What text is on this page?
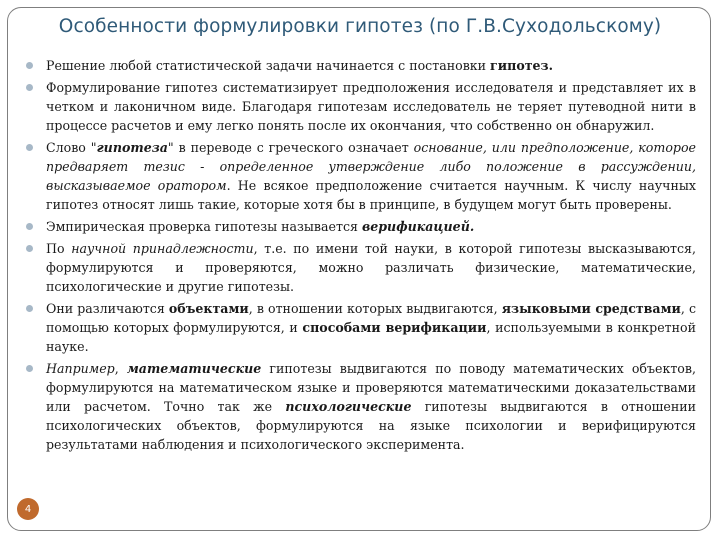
Особенности формулировки гипотез (по Г.В.Суходольскому)
Решение любой статистической задачи начинается с постановки гипотез.
Формулирование гипотез систематизирует предположения исследователя и представляет их в четком и лаконичном виде. Благодаря гипотезам исследователь не теряет путеводной нити в процессе расчетов и ему легко понять после их окончания, что собственно он обнаружил.
Слово "гипотеза" в переводе с греческого означает основание, или предположение, которое предваряет тезис - определенное утверждение либо положение в рассуждении, высказываемое оратором. Не всякое предположение считается научным. К числу научных гипотез относят лишь такие, которые хотя бы в принципе, в будущем могут быть проверены.
Эмпирическая проверка гипотезы называется верификацией.
По научной принадлежности, т.е. по имени той науки, в которой гипотезы высказываются, формулируются и проверяются, можно различать физические, математические, психологические и другие гипотезы.
Они различаются объектами, в отношении которых выдвигаются, языковыми средствами, с помощью которых формулируются, и способами верификации, используемыми в конкретной науке.
Например, математические гипотезы выдвигаются по поводу математических объектов, формулируются на математическом языке и проверяются математическими доказательствами или расчетом. Точно так же психологические гипотезы выдвигаются в отношении психологических объектов, формулируются на языке психологии и верифицируются результатами наблюдения и психологического эксперимента.
4
